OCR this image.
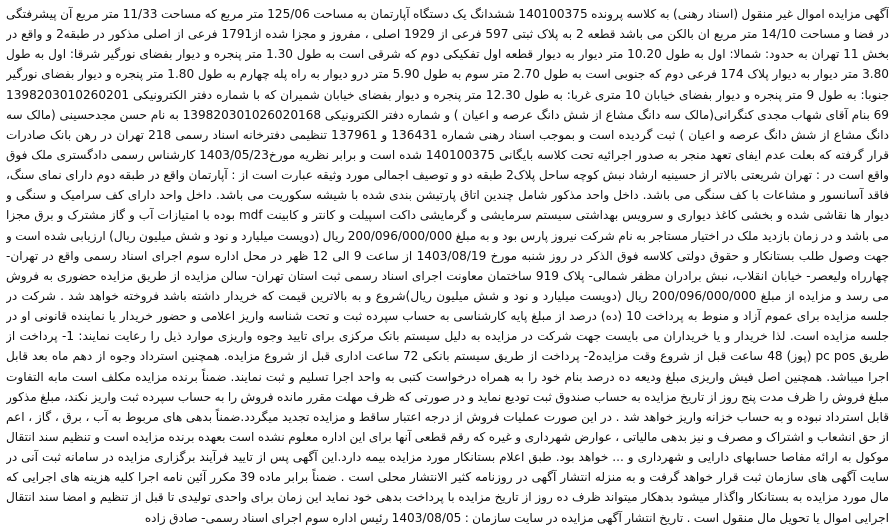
آگهی مزایده اموال غیر منقول (اسناد رهنی) به کلاسه پرونده 140100375 ششدانگ یک دستگاه آپارتمان به مساحت 125/06 متر مربع که مساحت 11/33 متر مربع آن پیشرفتگی در فضا و مساحت 14/10 متر مربع ان بالکن می باشد قطعه 2 به پلاک ثبتی 597 فرعی از 1929 اصلی ، مفروز و مجزا شده از1791 فرعی از اصلی مذکور در طبقه2 و واقع در بخش 11 تهران به حدود: شمالا: اول به طول 10.20 متر دیوار به دیوار قطعه اول تفکیکی دوم که شرقی است به طول 1.30 متر پنجره و دیوار بفضای نورگیر شرقا: اول به طول 3.80 متر دیوار به دیوار پلاک 174 فرعی دوم که جنوبی است به طول 2.70 متر سوم به طول 5.90 متر درو دیوار به راه پله چهارم به طول 1.80 متر پنجره و دیوار بفضای نورگیر جنوبا: به طول 9 متر پنجره و دیوار بفضای خیابان 10 متری غربا: به طول 12.30 متر پنجره و دیوار بفضای خیابان شمیران که با شماره دفتر الکترونیکی 1398203010260201 69 بنام آقای شهاب مجدی کنگرانی(مالک سه دانگ مشاع از شش دانگ عرصه و اعیان ) و شماره دفتر الکترونیکی 139820301026020168 به نام حسن مجدحسینی (مالک سه دانگ مشاع از شش دانگ عرصه و اعیان ) ثبت گردیده است و بموجب اسناد رهنی شماره 136431 و 137961 تنظیمی دفترخانه اسناد رسمی 218 تهران در رهن بانک صادرات قرار گرفته که بعلت عدم ایفای تعهد منجر به صدور اجرائیه تحت کلاسه بایگانی 140100375 شده است و برابر نظریه مورخ1403/05/23 کارشناس رسمی دادگستری ملک فوق واقع است در : تهران شریعتی بالاتر از حسینیه ارشاد نبش کوچه ساحل پلاک2 طبقه دو و توصیف اجمالی مورد وثیقه عبارت است از : آپارتمان واقع در طبقه دوم دارای نمای سنگ، فاقد آسانسور و مشاعات با کف سنگی می باشد. داخل واحد مذکور شامل چندین اتاق پارتیشن بندی شده با شیشه سکوریت می باشد. داخل واحد دارای کف سرامیک و سنگی و دیوار ها نقاشی شده و بخشی کاغذ دیواری و سرویس بهداشتی سیستم سرمایشی و گرمایشی داکت اسپیلت و کانتر و کابینت mdf بوده با امتیازات آب و گاز مشترک و برق مجزا می باشد و در زمان بازدید ملک در اختیار مستاجر به نام شرکت نیروز پارس بود و به مبلغ 200/096/000/000 ریال (دویست میلیارد و نود و شش میلیون ریال) ارزیابی شده است و جهت وصول طلب بستانکار و حقوق دولتی کلاسه فوق الذکر در روز شنبه مورخ 1403/08/19 از ساعت 9 الی 12 ظهر در محل اداره سوم اجرای اسناد رسمی واقع در تهران- چهارراه ولیعصر- خیابان انقلاب، نبش برادران مظفر شمالی- پلاک 919 ساختمان معاونت اجرای اسناد رسمی ثبت استان تهران- سالن مزایده از طریق مزایده حضوری به فروش می رسد و مزایده از مبلغ 200/096/000/000 ریال (دویست میلیارد و نود و شش میلیون ریال)شروع و به بالاترین قیمت که خریدار داشته باشد فروخته خواهد شد . شرکت در جلسه مزایده برای عموم آزاد و منوط به پرداخت 10 (ده) درصد از مبلغ پایه کارشناسی به حساب سپرده ثبت و تحت شناسه واریز اعلامی و حضور خریدار یا نماینده قانونی او در جلسه مزایده است. لذا خریدار و یا خریداران می بایست جهت شرکت در مزایده به دلیل سیستم بانک مرکزی برای تایید وجوه واریزی موارد ذیل را رعایت نمایند: 1- پرداخت از طریق pc pos (پوز) 48 ساعت قبل از شروع وقت مزایده2- پرداخت از طریق سیستم بانکی 72 ساعت اداری قبل از شروع مزایده. همچنین استرداد وجوه از دهم ماه بعد قابل اجرا میباشد. همچنین اصل فیش واریزی مبلغ ودیعه ده درصد بنام خود را به همراه درخواست کتبی به واحد اجرا تسلیم و ثبت نمایند. ضمناً برنده مزایده مکلف است مابه التفاوت مبلغ فروش را ظرف مدت پنج روز از تاریخ مزایده به حساب صندوق ثبت تودیع نماید و در صورتی که ظرف مهلت مقرر مانده فروش را به حساب سپرده ثبت واریز نکند، مبلغ مذکور قابل استرداد نبوده و به حساب خزانه واریز خواهد شد . در این صورت عملیات فروش از درجه اعتبار ساقط و مزایده تجدید میگردد.ضمناً بدهی های مربوط به آب ، برق ، گاز ، اعم از حق انشعاب و اشتراک و مصرف و نیز بدهی مالیاتی ، عوارض شهرداری و غیره که رقم قطعی آنها برای این اداره معلوم نشده است بعهده برنده مزایده است و تنظیم سند انتقال موکول به ارائه مفاصا حسابهای دارایی و شهرداری و ... خواهد بود. طبق اعلام بستانکار مورد مزایده بیمه دارد.این آگهی پس از تایید فرآیند برگزاری مزایده در سامانه ثبت آنی در سایت آگهی های سازمان ثبت قرار خواهد گرفت و به منزله انتشار آگهی در روزنامه کثیر الانتشار محلی است . ضمناً برابر ماده 39 مکرر آئین نامه اجرا کلیه هزینه های اجرایی که مال مورد مزایده به بستانکار واگذار میشود بدهکار میتواند ظرف ده روز از تاریخ مزایده با پرداخت بدهی خود نماید این زمان برای واحدی تولیدی تا قبل از تنظیم و امضا سند انتقال اجرایی اموال یا تحویل مال منقول است . تاریخ انتشار آگهی مزایده در سایت سازمان : 1403/08/05 رئیس اداره سوم اجرای اسناد رسمی- صادق زاده
